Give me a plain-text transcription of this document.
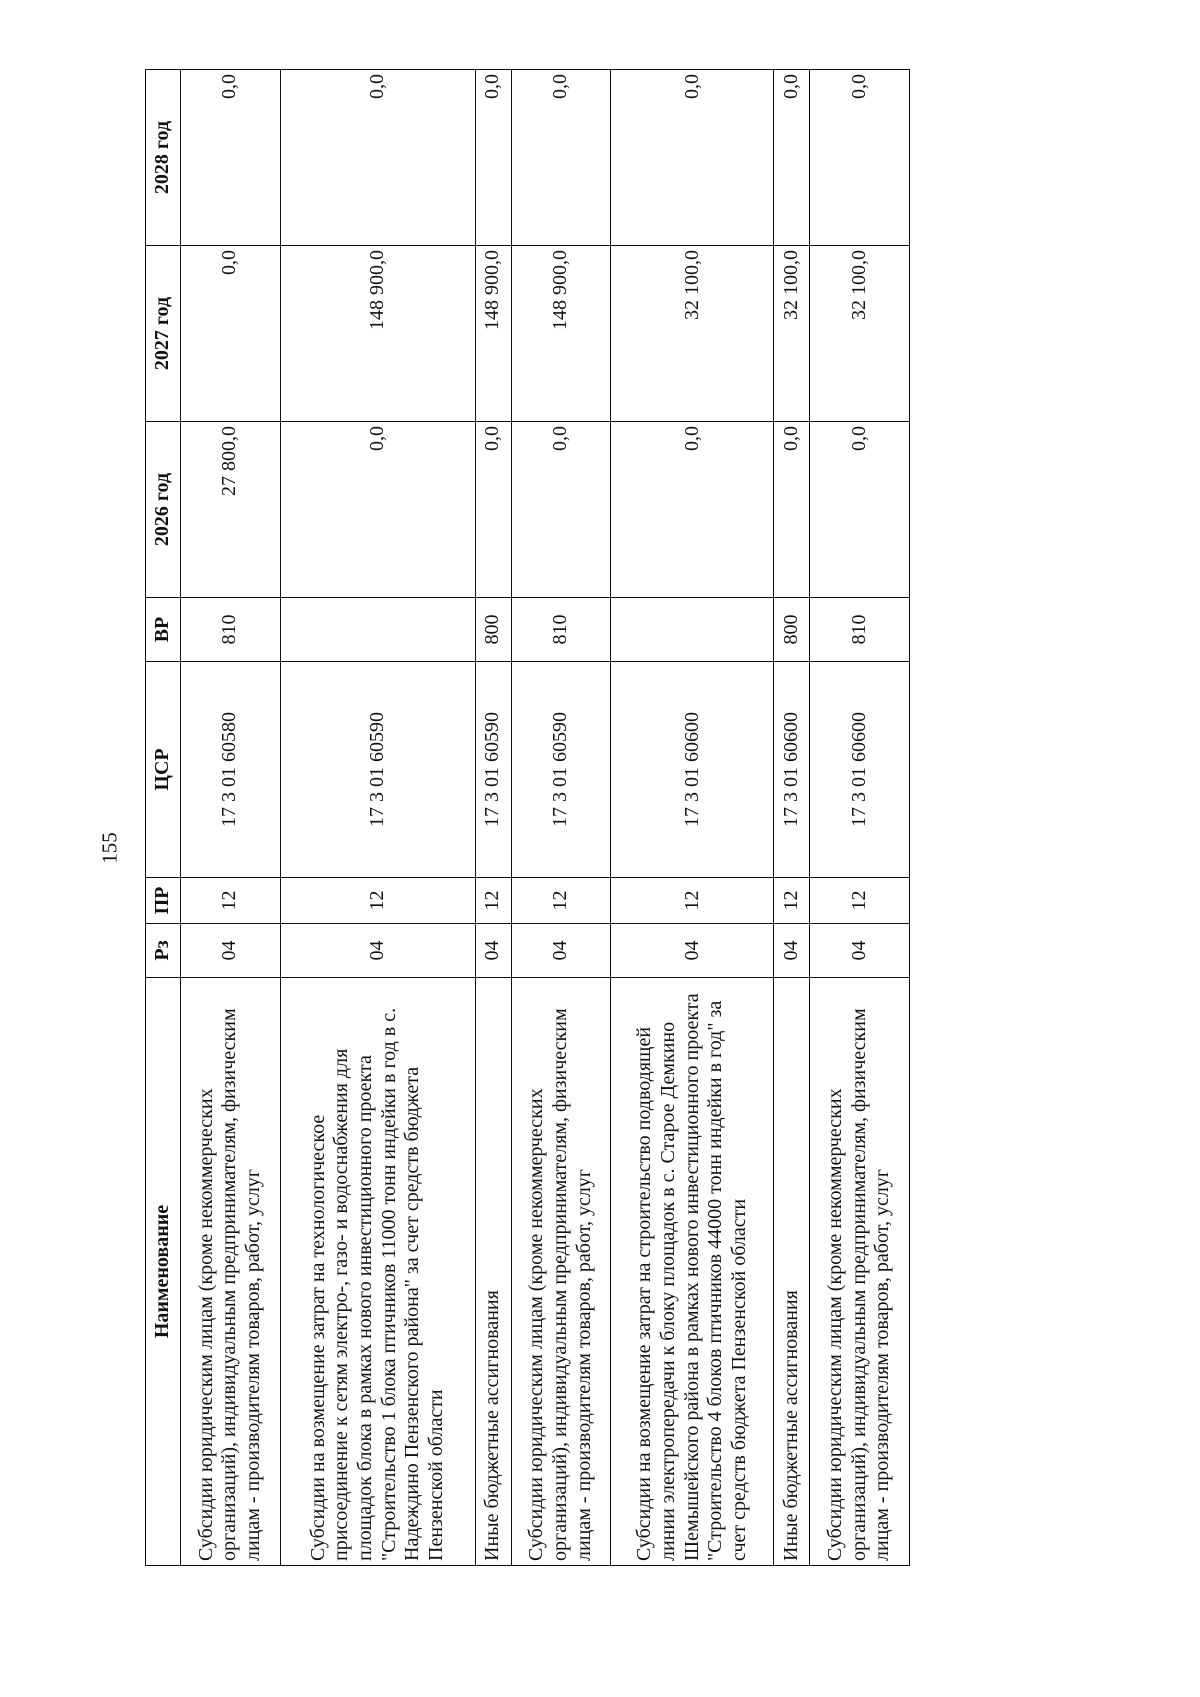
155
Наименование	Рз	ПР	ЦСР	ВР	2026 год	2027 год	2028 год
Субсидии юридическим лицам (кроме некоммерческих организаций), индивидуальным предпринимателям, физическим лицам - производителям товаров, работ, услуг	04	12	17 3 01 60580	810	27 800,0	0,0	0,0
Субсидии на возмещение затрат на технологическое присоединение к сетям электро-, газо- и водоснабжения для площадок блока в рамках нового инвестиционного проекта "Строительство 1 блока птичников 11000 тонн индейки в год в с. Надеждино Пензенского района" за счет средств бюджета Пензенской области	04	12	17 3 01 60590		0,0	148 900,0	0,0
Иные бюджетные ассигнования	04	12	17 3 01 60590	800	0,0	148 900,0	0,0
Субсидии юридическим лицам (кроме некоммерческих организаций), индивидуальным предпринимателям, физическим лицам - производителям товаров, работ, услуг	04	12	17 3 01 60590	810	0,0	148 900,0	0,0
Субсидии на возмещение затрат на строительство подводящей линии электропередачи к блоку площадок в с. Старое Демкино Шемышейского района в рамках нового инвестиционного проекта "Строительство 4 блоков птичников 44000 тонн индейки в год" за счет средств бюджета Пензенской области	04	12	17 3 01 60600		0,0	32 100,0	0,0
Иные бюджетные ассигнования	04	12	17 3 01 60600	800	0,0	32 100,0	0,0
Субсидии юридическим лицам (кроме некоммерческих организаций), индивидуальным предпринимателям, физическим лицам - производителям товаров, работ, услуг	04	12	17 3 01 60600	810	0,0	32 100,0	0,0
